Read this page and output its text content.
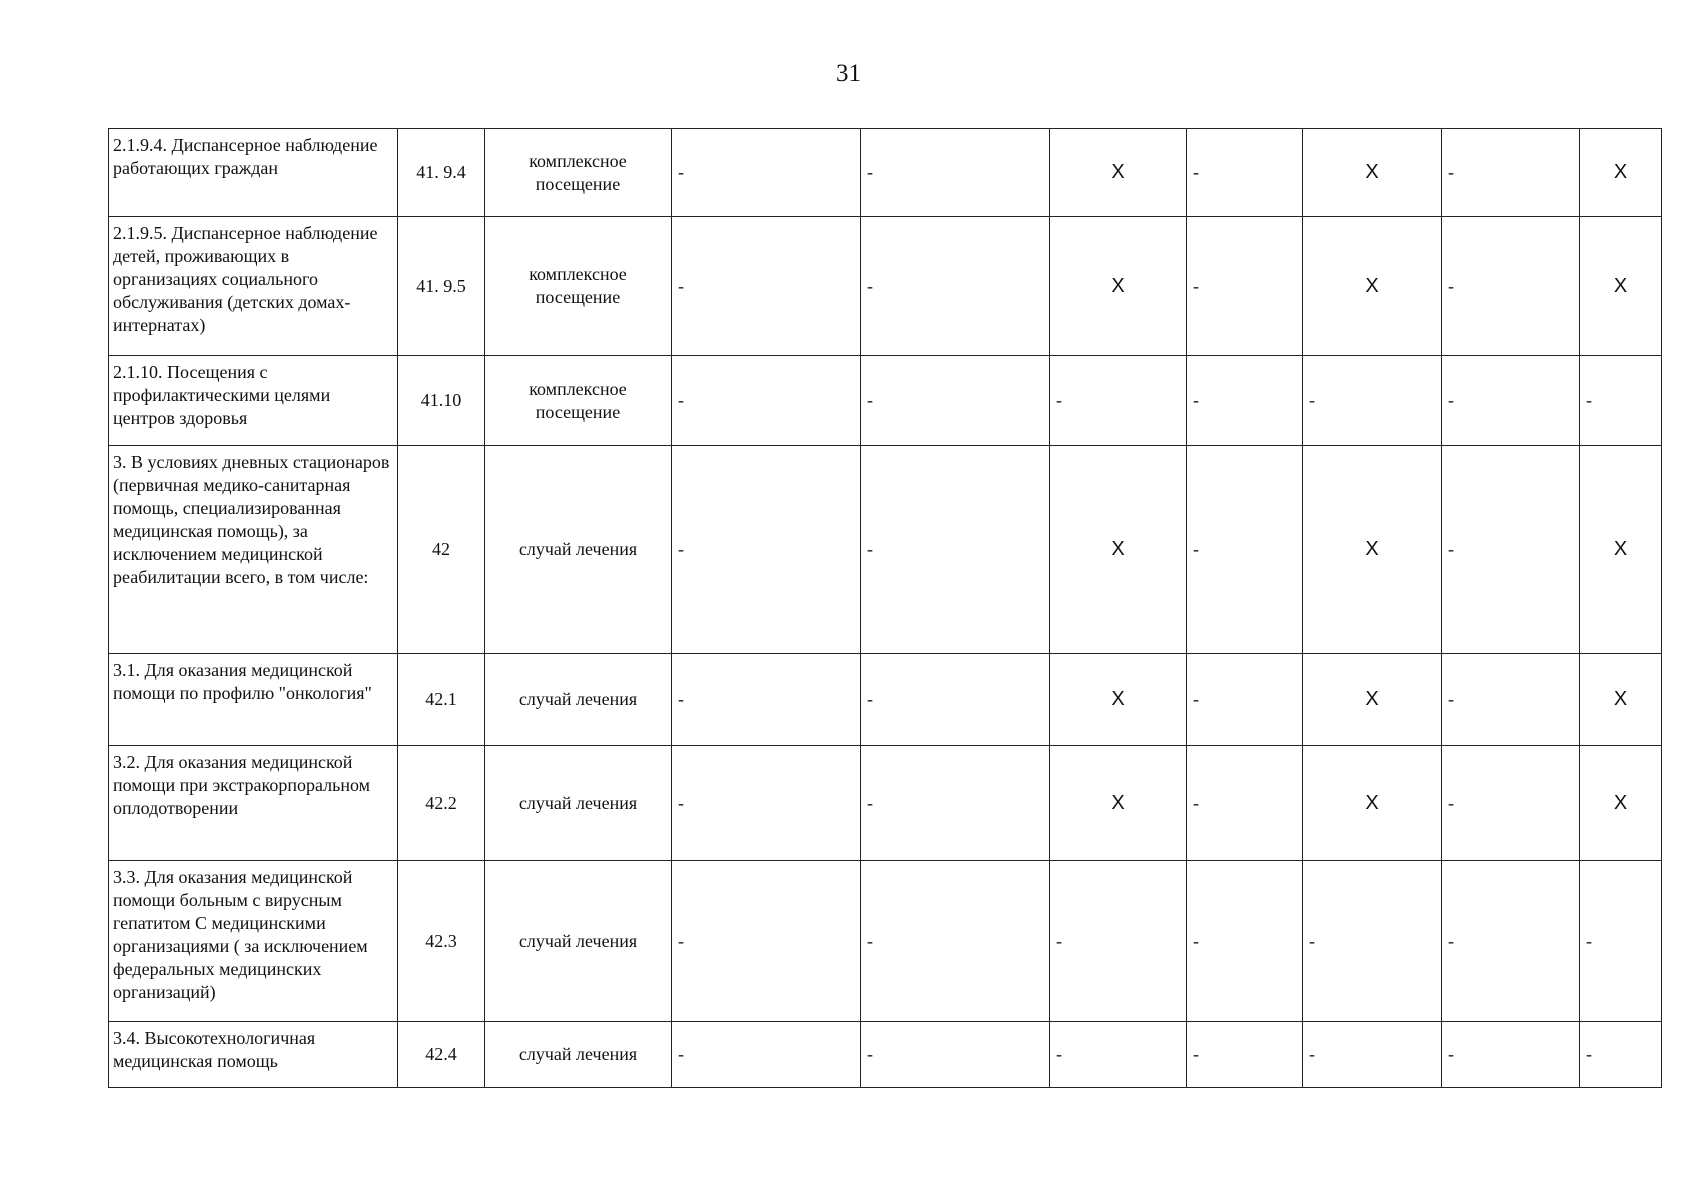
31
2.1.9.4. Диспансерное наблюдение работающих граждан	41. 9.4	комплексное посещение	-	-	X	-	X	-	X
2.1.9.5. Диспансерное наблюдение детей, проживающих в организациях социального обслуживания (детских домах- интернатах)	41. 9.5	комплексное посещение	-	-	X	-	X	-	X
2.1.10. Посещения с профилактическими целями центров здоровья	41.10	комплексное посещение	-	-	-	-	-	-	-
3. В условиях дневных стационаров (первичная медико-санитарная помощь, специализированная медицинская помощь), за исключением медицинской реабилитации всего, в том числе:	42	случай лечения	-	-	X	-	X	-	X
3.1. Для оказания медицинской помощи по профилю "онкология"	42.1	случай лечения	-	-	X	-	X	-	X
3.2. Для оказания медицинской помощи при экстракорпоральном оплодотворении	42.2	случай лечения	-	-	X	-	X	-	X
3.3. Для оказания медицинской помощи больным с вирусным гепатитом С медицинскими организациями ( за исключением федеральных медицинских организаций)	42.3	случай лечения	-	-	-	-	-	-	-
3.4. Высокотехнологичная медицинская помощь	42.4	случай лечения	-	-	-	-	-	-	-
